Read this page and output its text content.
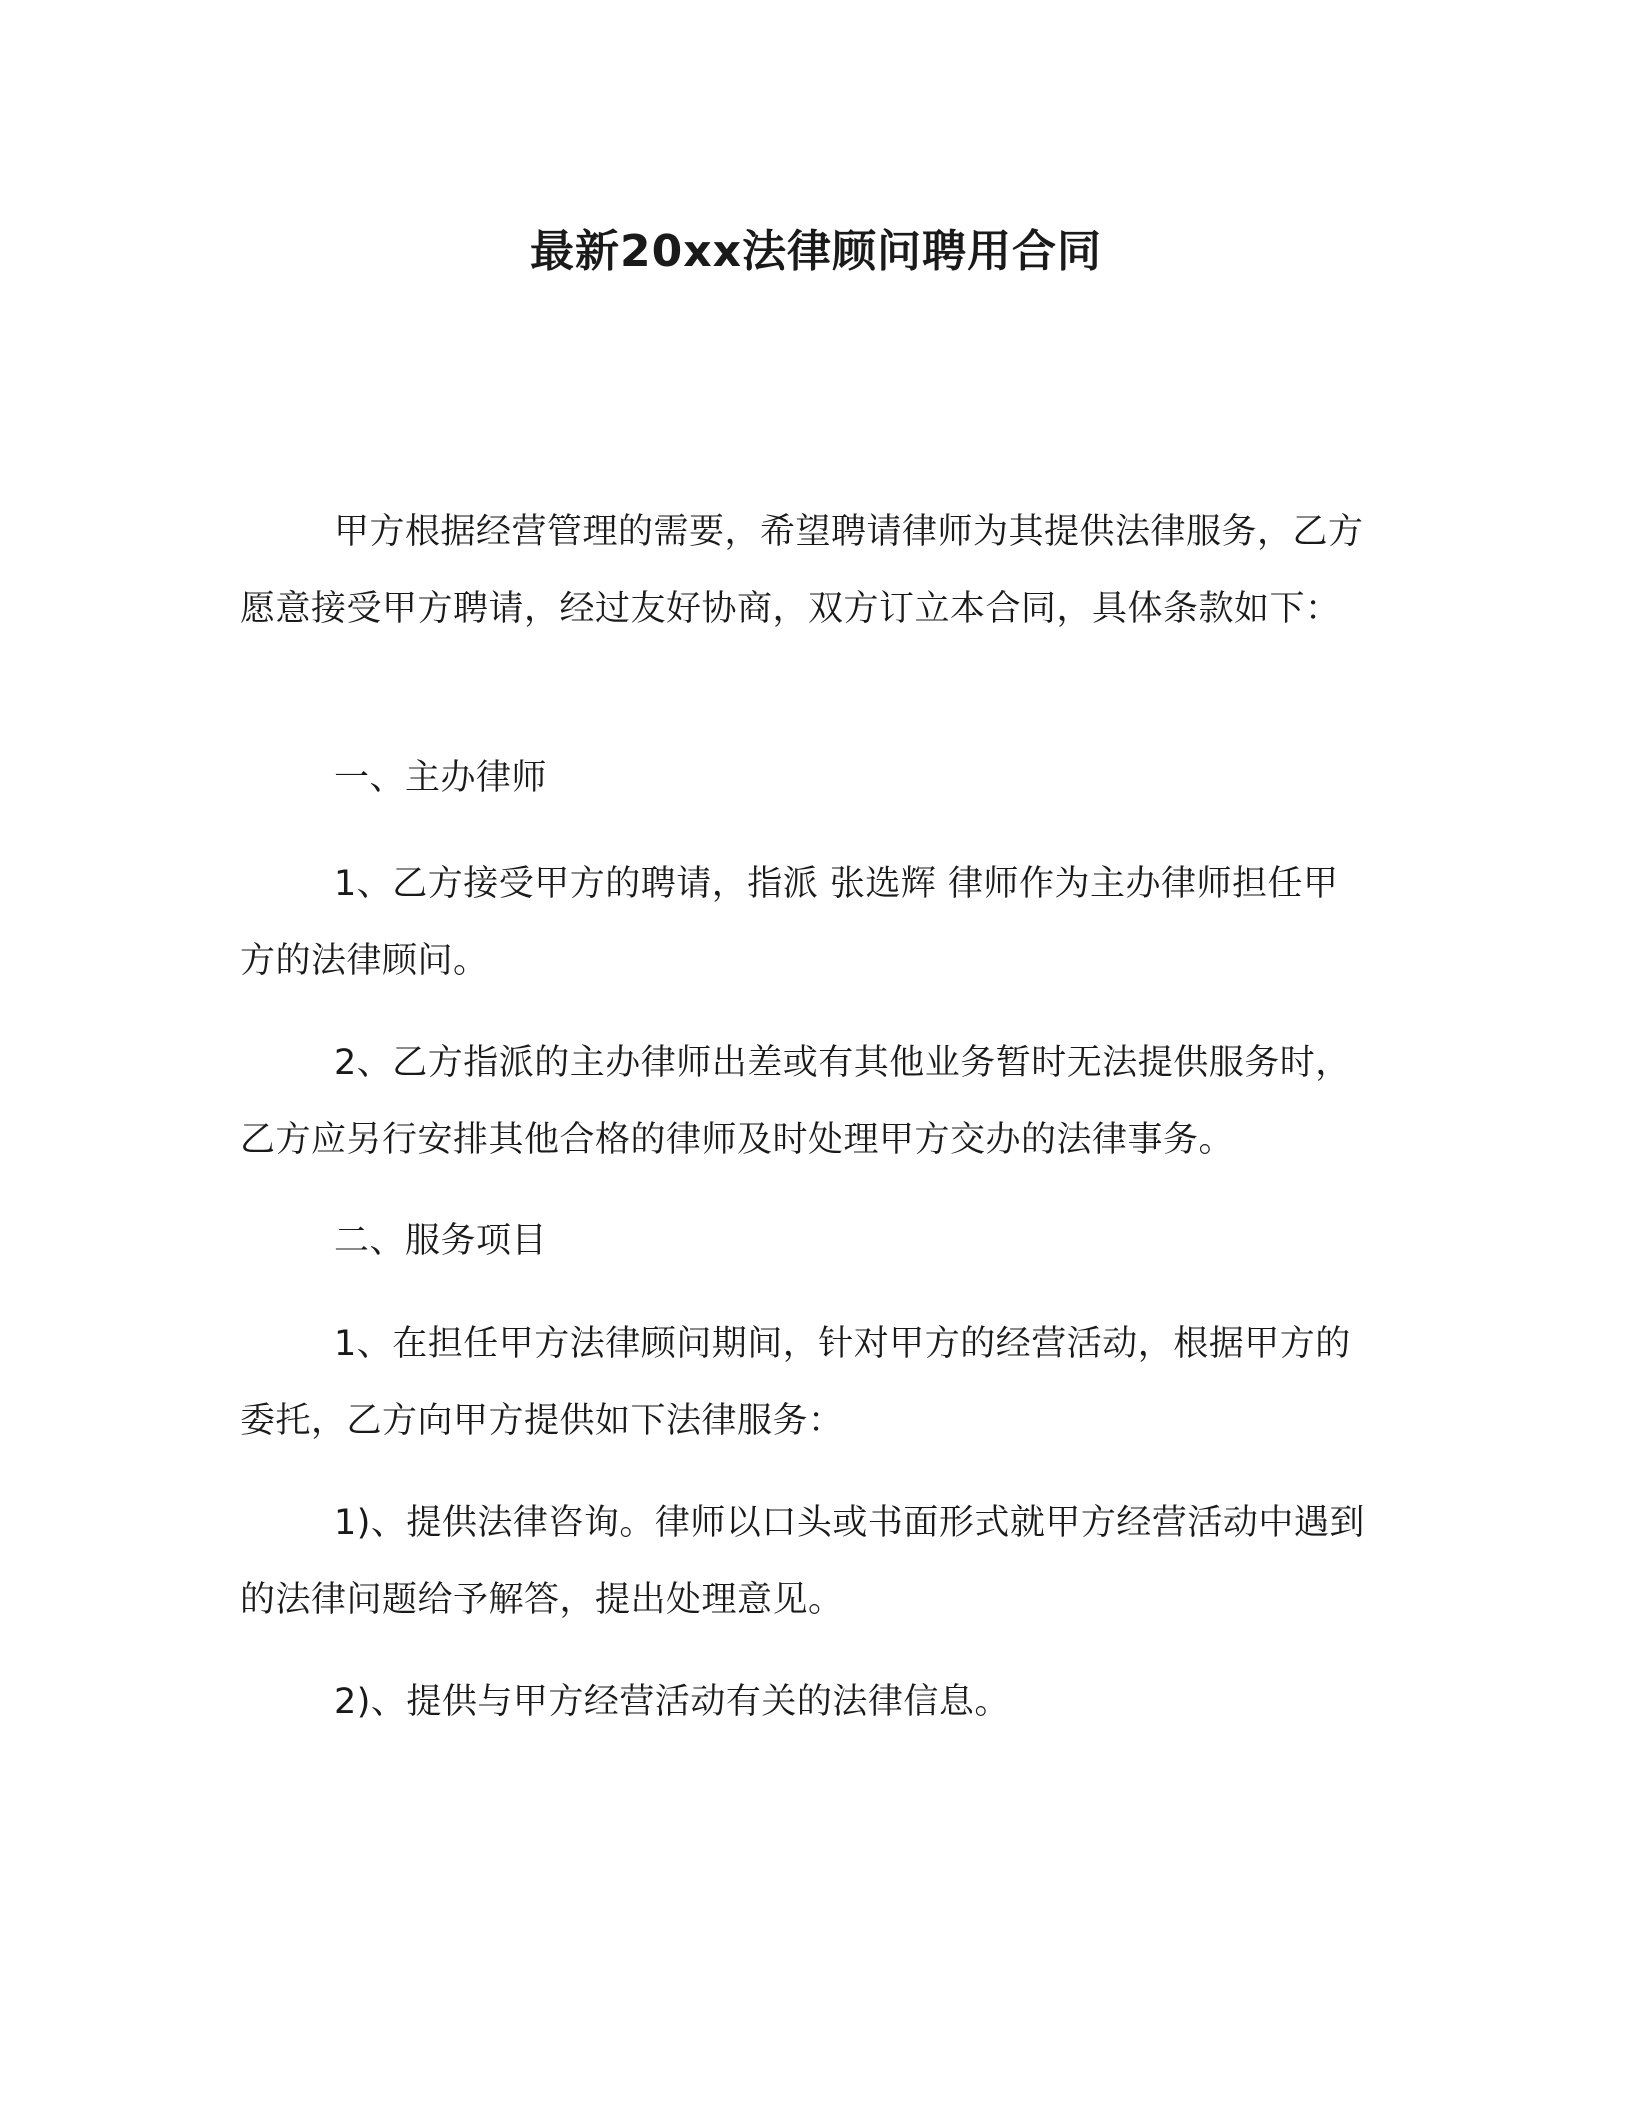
最新20xx法律顾问聘用合同

甲方根据经营管理的需要，希望聘请律师为其提供法律服务，乙方愿意接受甲方聘请，经过友好协商，双方订立本合同，具体条款如下：

一、主办律师

1、乙方接受甲方的聘请，指派 张选辉 律师作为主办律师担任甲方的法律顾问。

2、乙方指派的主办律师出差或有其他业务暂时无法提供服务时，乙方应另行安排其他合格的律师及时处理甲方交办的法律事务。

二、服务项目

1、在担任甲方法律顾问期间，针对甲方的经营活动，根据甲方的委托，乙方向甲方提供如下法律服务：

1)、提供法律咨询。律师以口头或书面形式就甲方经营活动中遇到的法律问题给予解答，提出处理意见。

2)、提供与甲方经营活动有关的法律信息。
